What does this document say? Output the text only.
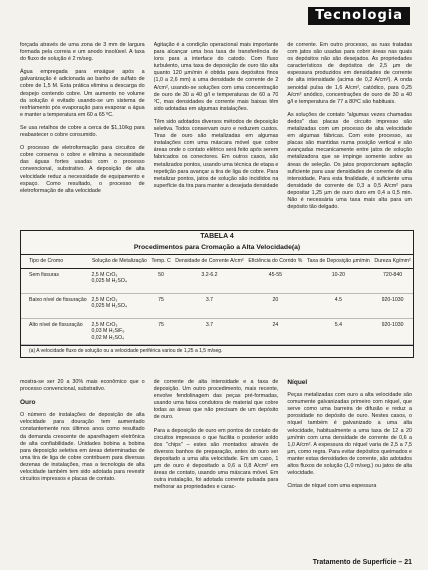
Tecnologia

forçada através de uma zona de 3 mm de largura formada pela correia e um anodo insolúvel. A taxa do fluxo de solução é 2 m/seg.

Água empregada para enxágue após a galvanização é adicionada ao banho de sulfato de cobre de 1,5 M. Esta prática elimina a descarga do despejo contendo cobre. Um aumento no volume da solução é evitado usando-se um sistema de resfriamento pós evaporação para evaporar a água e manter a temperatura em 60 a 65 ºC.

Se usa retalhos de cobre a cerca de $1,10/kg para reabastecer o cobre consumido.

O processo de eletroformação para circuitos de cobre conserva o cobre e elimina a necessidade das águas fortes usadas com o processo convencional, substrativo. A deposição de alta velocidade reduz a necessidade de equipamento e espaço. Como resultado, o processo de eletroformação de alta velocidade

Agitação é a condição operacional mais importante para alcançar uma boa taxa de transferência de íons para a interface do catodo. Com fluxo turbulento, uma taxa de deposição de ouro tão alta quanto 120 µm/min é obtida para depósitos finos (1,0 a 2,6 mm) a uma densidade de corrente de 2 A/cm², usando-se soluções com uma concentração de ouro de 30 a 40 g/l e temperaturas de 60 a 70 ºC, mas densidades de corrente mais baixas têm sido adotadas em algumas instalações.

Têm sido adotados diversos métodos de deposição seletiva. Todos conservam ouro e reduzem custos. Tiras de ouro são metalizadas em algumas instalações com uma máscara móvel que cobre áreas onde o contato elétrico será feito após serem fabricados os conectores. Em outros casos, são metalizados pontos, usando uma técnica de etapa e repetição para avançar a tira de liga de cobre. Para metalizar pontos, jatos de solução são incididos na superfície da tira para manter a desejada densidade

de corrente. Em outro processo, as ruas tratadas com jatos são usadas para cobrir áreas nas quais os depósitos não são desejados. As propriedades característicos de depósitos de 2,5 µm de espessura produzidos em densidades de corrente de alta intensidade (acima de 0,2 A/cm²). A onda senoidal pulsa de 1,6 A/cm², catódico, para 0,25 A/cm² anódico, concentrações de ouro de 30 a 40 g/l e temperatura de 77 a 80ºC são habituais.

As soluções de contato "algumas vezes chamadas dedos" das placas de circuito impresso são metalizadas com um processo de alta velocidade em algumas fábricas. Com este processo, as placas são mantidas numa posição vertical e são avançadas mecanicamente entre jatos de solução metalizadora que se impinge somente sobre as áreas de seleção. Os jatos proporcionam agitação suficiente para usar densidades de corrente de alta intensidade. Para esta finalidade, é suficiente uma densidade de corrente de 0,3 a 0,5 A/cm² para depositar 1,25 µm de ouro duro em 0,4 a 0,5 min. Não é necessária uma taxa mais alta para um depósito tão delgado.

TABELA 4
Procedimentos para Cromação a Alta Velocidade(a)
Tipo de Cromo	Solução de Metalização	Temp. C	Densidade de Corrente A/cm²	Eficiência do Corrido %	Taxa de Deposição µm/min	Dureza Kg/mm²
Sem fissuras	2,5 M CrO₃
0,025 M H₂SO₄	50	3.2-6.2	45-55	10-20	720-840
Baixo nível de fissuração	2,5 M CrO₃
0,025 M H₂SO₄	75	3.7	20	4.5	920-1030
Alto nível de fissuração	2,5 M CrO₃
0,03 M H₂SiF₆
0,02 M H₂SO₄	75	3.7	24	5.4	920-1030
(a) A velocidade fluxo de solução ou a velocidade periférica variou de 1,25 a 1,5 m/seg.

mostra-se ser 20 a 30% mais econômico que o processo convencional, substrativo.

Ouro

O número de instalações de deposição de alta velocidade para douração tem aumentado constantemente nos últimos anos como resultado da demanda crescente de aparelhagem eletrônica de alta confiabilidade. Unidades bobina a bobina para deposição seletiva em áreas determinadas de uma tira de liga de cobre contribuem para diversas dezenas de instalações, mas a tecnologia de alta velocidade também tem sido adotada para revestir circuitos impressos e placas de contato.

de corrente de alta intensidade e a taxa de deposição. Um outro procedimento, mais recente, envolve fendolinagem das peças pré-formadas, usando uma faixa condutora de material que cobre todas as áreas que não precisam de um depósito de ouro.

Para a deposição de ouro em pontos de contato de circuitos impressos o que facilita o posterior soldo dos "chips" – estes são montados através de diversos banhos de preparação, antes do ouro ser depositado a uma alta velocidade. Em um caso, 1 µm de ouro é depositado a 0,6 a 0,8 A/cm² em áreas de contato, usando uma máscara móvel. Em outra instalação, foi adotada corrente pulsada para melhorar as propriedades e carac-

Níquel

Peças metalizadas com ouro a alta velocidade são comumente galvanizadas primeiro com níquel, que serve como uma barreira de difusão e reduz a porosidade no depósito de ouro. Nestes casos, o níquel também é galvanizado a uma alta velocidade, habitualmente a uma taxa de 12 a 20 µm/min com uma densidade de corrente de 0,6 a 1,0 A/cm². A espessura do níquel varia de 2,5 a 7,5 µm, como regra. Para evitar depósitos queimados e manter estas densidades de corrente, são adotados altos fluxos de solução (1,0 m/seg.) ou jatos de alta velocidade.

Cintas de níquel com uma espessura

Tratamento de Superfície – 21
